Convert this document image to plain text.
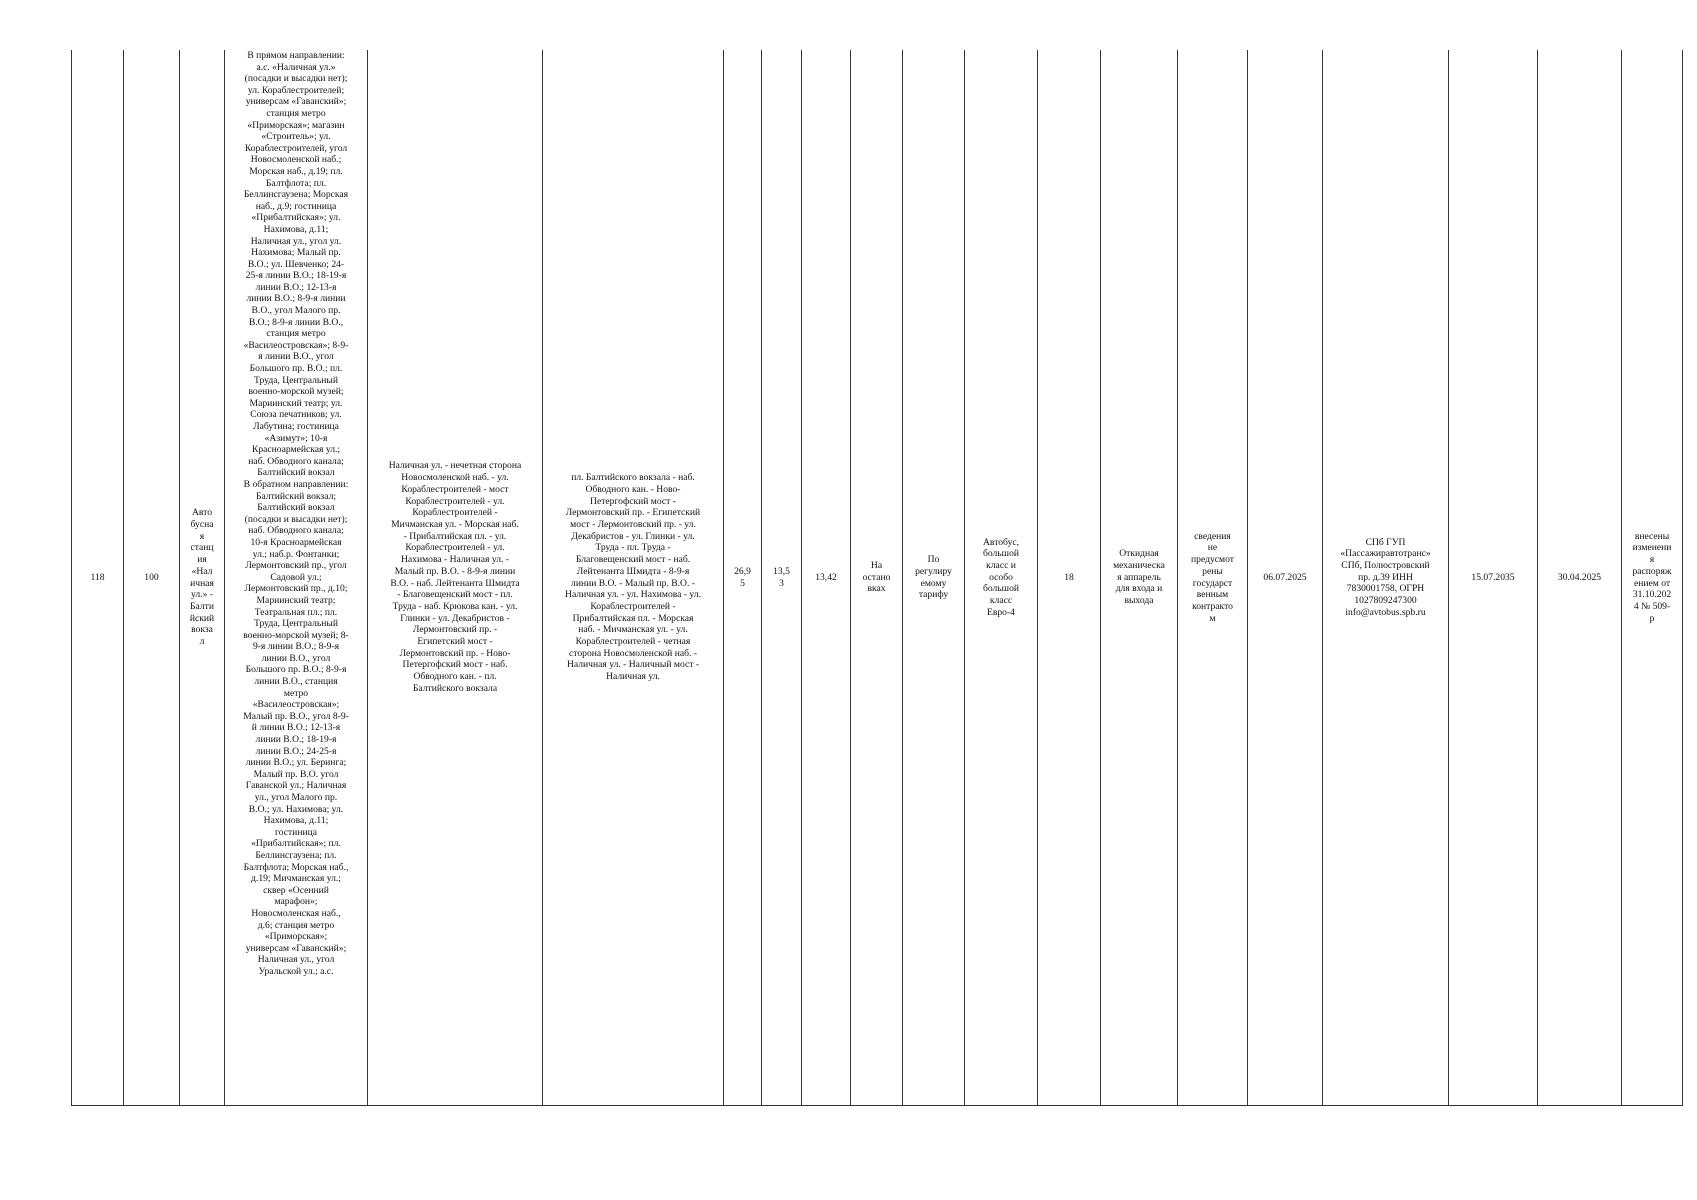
118	100	Авто
бусна
я
станц
ия
«Нал
ичная
ул.» -
Балти
йский
вокза
л	В прямом направлении:
а.с. «Наличная ул.»
(посадки и высадки нет);
ул. Кораблестроителей;
универсам «Гаванский»;
станция метро
«Приморская»; магазин
«Строитель»; ул.
Кораблестроителей, угол
Новосмоленской наб.;
Морская наб., д.19; пл.
Балтфлота; пл.
Беллинсгаузена; Морская
наб., д.9; гостиница
«Прибалтийская»; ул.
Нахимова, д.11;
Наличная ул., угол ул.
Нахимова; Малый пр.
В.О.; ул. Шевченко; 24-
25-я линии В.О.; 18-19-я
линии В.О.; 12-13-я
линии В.О.; 8-9-я линии
В.О., угол Малого пр.
В.О.; 8-9-я линии В.О.,
станция метро
«Василеостровская»; 8-9-
я линии В.О., угол
Большого пр. В.О.; пл.
Труда, Центральный
военно-морской музей;
Мариинский театр; ул.
Союза печатников; ул.
Лабутина; гостиница
«Азимут»; 10-я
Красноармейская ул.;
наб. Обводного канала;
Балтийский вокзал
В обратном направлении:
Балтийский вокзал;
Балтийский вокзал
(посадки и высадки нет);
наб. Обводного канала;
10-я Красноармейская
ул.; наб.р. Фонтанки;
Лермонтовский пр., угол
Садовой ул.;
Лермонтовский пр., д.10;
Мариинский театр;
Театральная пл.; пл.
Труда, Центральный
военно-морской музей; 8-
9-я линии В.О.; 8-9-я
линии В.О., угол
Большого пр. В.О.; 8-9-я
линии В.О., станция
метро
«Василеостровская»;
Малый пр. В.О., угол 8-9-
й линии В.О.; 12-13-я
линии В.О.; 18-19-я
линии В.О.; 24-25-я
линии В.О.; ул. Беринга;
Малый пр. В.О. угол
Гаванской ул.; Наличная
ул., угол Малого пр.
В.О.; ул. Нахимова; ул.
Нахимова, д.11;
гостиница
«Прибалтийская»; пл.
Беллинсгаузена; пл.
Балтфлота; Морская наб.,
д.19; Мичманская ул.;
сквер «Осенний
марафон»;
Новосмоленская наб.,
д.6; станция метро
«Приморская»;
универсам «Гаванский»;
Наличная ул., угол
Уральской ул.; а.с.	Наличная ул. - нечетная сторона
Новосмоленской наб. - ул.
Кораблестроителей - мост
Кораблестроителей - ул.
Кораблестроителей -
Мичманская ул. - Морская наб.
- Прибалтийская пл. - ул.
Кораблестроителей - ул.
Нахимова - Наличная ул. -
Малый пр. В.О. - 8-9-я линии
В.О. - наб. Лейтенанта Шмидта
- Благовещенский мост - пл.
Труда - наб. Крюкова кан. - ул.
Глинки - ул. Декабристов -
Лермонтовский пр. -
Египетский мост -
Лермонтовский пр. - Ново-
Петергофский мост - наб.
Обводного кан. - пл.
Балтийского вокзала	пл. Балтийского вокзала - наб.
Обводного кан. - Ново-
Петергофский мост -
Лермонтовский пр. - Египетский
мост - Лермонтовский пр. - ул.
Декабристов - ул. Глинки - ул.
Труда - пл. Труда -
Благовещенский мост - наб.
Лейтенанта Шмидта - 8-9-я
линии В.О. - Малый пр. В.О. -
Наличная ул. - ул. Нахимова - ул.
Кораблестроителей -
Прибалтийская пл. - Морская
наб. - Мичманская ул. - ул.
Кораблестроителей - четная
сторона Новосмоленской наб. -
Наличная ул. - Наличный мост -
Наличная ул.	26,9
5	13,5
3	13,42	На
остано
вках	По
регулиру
емому
тарифу	Автобус,
большой
класс и
особо
большой
класс
Евро-4	18	Откидная
механическа
я аппарель
для входа и
выхода	сведения
не
предусмот
рены
государст
венным
контракто
м	06.07.2025	СПб ГУП
«Пассажиравтотранс»
СПб, Полюстровский
пр. д.39 ИНН
7830001758, ОГРН
1027809247300
info@avtobus.spb.ru	15.07.2035	30.04.2025	внесены
изменени
я
распоряж
ением от
31.10.202
4 № 509-
р
